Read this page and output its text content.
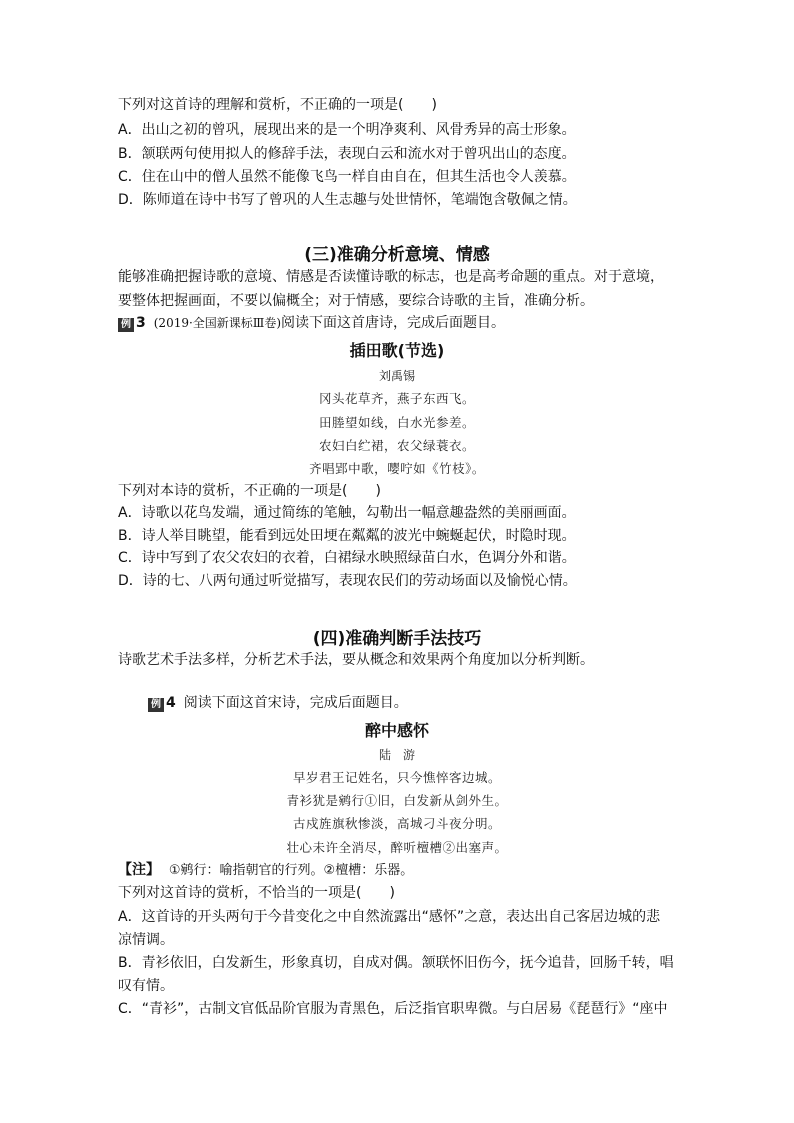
下列对这首诗的理解和赏析，不正确的一项是(　　)
A．出山之初的曾巩，展现出来的是一个明净爽利、风骨秀异的高士形象。
B．颔联两句使用拟人的修辞手法，表现白云和流水对于曾巩出山的态度。
C．住在山中的僧人虽然不能像飞鸟一样自由自在，但其生活也令人羡慕。
D．陈师道在诗中书写了曾巩的人生志趣与处世情怀，笔端饱含敬佩之情。
(三)准确分析意境、情感
能够准确把握诗歌的意境、情感是否读懂诗歌的标志，也是高考命题的重点。对于意境，
要整体把握画面，不要以偏概全；对于情感，要综合诗歌的主旨，准确分析。
例 3 (2019·全国新课标Ⅲ卷)阅读下面这首唐诗，完成后面题目。
插田歌(节选)
刘禹锡
冈头花草齐，燕子东西飞。
田塍望如线，白水光参差。
农妇白纻裙，农父绿蓑衣。
齐唱郢中歌，嘤咛如《竹枝》。
下列对本诗的赏析，不正确的一项是(　　)
A．诗歌以花鸟发端，通过简练的笔触，勾勒出一幅意趣盎然的美丽画面。
B．诗人举目眺望，能看到远处田埂在粼粼的波光中蜿蜒起伏，时隐时现。
C．诗中写到了农父农妇的衣着，白裙绿水映照绿苗白水，色调分外和谐。
D．诗的七、八两句通过听觉描写，表现农民们的劳动场面以及愉悦心情。
(四)准确判断手法技巧
诗歌艺术手法多样，分析艺术手法，要从概念和效果两个角度加以分析判断。
例 4 阅读下面这首宋诗，完成后面题目。
醉中感怀
陆　游
早岁君王记姓名，只今憔悴客边城。
青衫犹是鹓行①旧，白发新从剑外生。
古戍旌旗秋惨淡，高城刁斗夜分明。
壮心未许全消尽，醉听檀槽②出塞声。
【注】 ①鹓行：喻指朝官的行列。②檀槽：乐器。
下列对这首诗的赏析，不恰当的一项是(　　)
A．这首诗的开头两句于今昔变化之中自然流露出“感怀”之意，表达出自己客居边城的悲
凉情调。
B．青衫依旧，白发新生，形象真切，自成对偶。颔联怀旧伤今，抚今追昔，回肠千转，唱
叹有情。
C．“青衫”，古制文官低品阶官服为青黑色，后泛指官职卑微。与白居易《琵琶行》“座中
